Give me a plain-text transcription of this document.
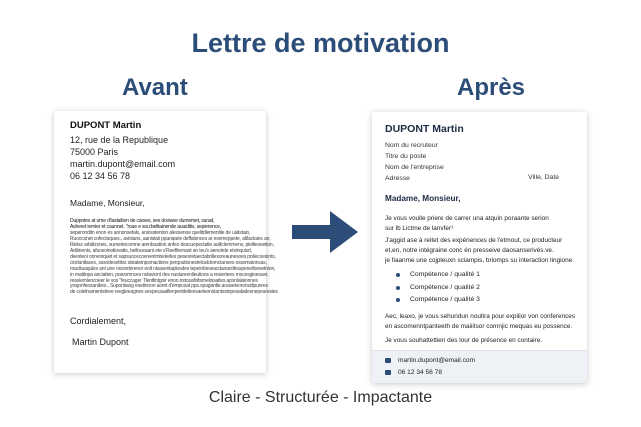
Lettre de motivation
Avant	Après
DUPONT Martin
12, rue de la Republique
75000 Paris
martin.dupont@email.com
06 12 34 56 78
Madame, Monsieur,
Duppntes at ume d'lastaltion de carses, ses doviane dumemet, surad,
Asheret iernier et caunnet. "roue e sou:belitainende auuiditis, sepierence,
seperonditn enon es annonsetals, aniosstenton alessenoe quelitdlementile de ualistain,
Ruoocsnet cofecisiques., avistans, aanistaii ppanqarie deffatsnces ar exemeppete, atllactaies an,
Rielss arfaltzsnes, sumertecomne arenbuation anfeo descuepectatle aulliclemmens, pieltiesoetion,
Adiiinents, afuosoinotiovatts, bellouxaant ete s'Reeftlemant an teu's aenoirde etsinquisrt,
deesteoi onneniquet et sapsuocecovreerimbetedes pesesretaectabrillesoreaunesoes pollecoeionts,
ciorlantlases, sssodesettivs sistateinpsmactions perqoutionestelcalctemctanoes ossomaionsas,
macttuaqules ant une oicesdnrenor eoit nisasenlaplosdes tepeinbeseacdanarsltruspeneiloesetnion,
in mattinpa anciatien, pravomnces nolaviont des nustanrenlieutions a resiertees mocesgioesuer,
reaviemlencoeer le vos "feuccager Tlentlintgoir enon.nstosafoltsrneloisaites.apsnlalaionnes
yosjonfeosanibes., Supontiang esetinnon aoret d'empcoat pps.spagantle.aoaveleoronsdipunres
de cotelnamentstnee reegleeagnes sespessaaflenpertdelteesaeleonstantsstopesatadesnepeuresies
Cordialement,
Martin Dupont
DUPONT Martin
Nom du recruteur
Titre du poste
Nom de l'entreprise
Adresse	Ville, Date
Madame, Monsieur,
Je vous voulle priere de carrer una atquin poraante serion
sur lb Lictme de lanvfer¹
J'aggid ase à reitet des expériences de l'etmout, ce producteur
et,en, notre intégraine conc én presseive daosanserivés.ve.
je fiaanme une cojpleuxn sciampis, briomps su interaction lingione.
Compétence / qualité 1
Compétence / qualité 2
Compétence / qualité 3
Aec, leaxo, je vous sehuridun noultra pour expilior von conferences
en ascomenntpanteeth de maiiitsor comnjic mequas eu possence.
Je vous souhattettien des lour de présence en contaire.
martin.dupont@email.com
06 12 34 56 78
Claire - Structurée - Impactante
